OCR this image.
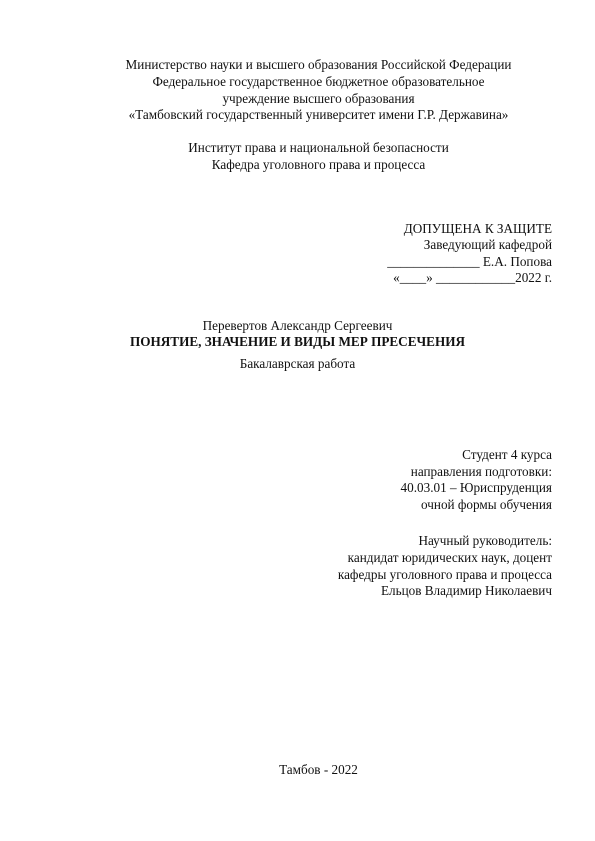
Министерство науки и высшего образования Российской Федерации
Федеральное государственное бюджетное образовательное
учреждение высшего образования
«Тамбовский государственный университет имени Г.Р. Державина»
Институт права и национальной безопасности
Кафедра уголовного права и процесса
ДОПУЩЕНА К ЗАЩИТЕ
Заведующий кафедрой
______________ Е.А. Попова
«____» ____________2022 г.
Перевертов Александр Сергеевич
ПОНЯТИЕ, ЗНАЧЕНИЕ И ВИДЫ МЕР ПРЕСЕЧЕНИЯ
Бакалаврская работа
Студент 4 курса
направления подготовки:
40.03.01 – Юриспруденция
очной формы обучения
Научный руководитель:
кандидат юридических наук, доцент
кафедры уголовного права и процесса
Ельцов Владимир Николаевич
Тамбов - 2022
